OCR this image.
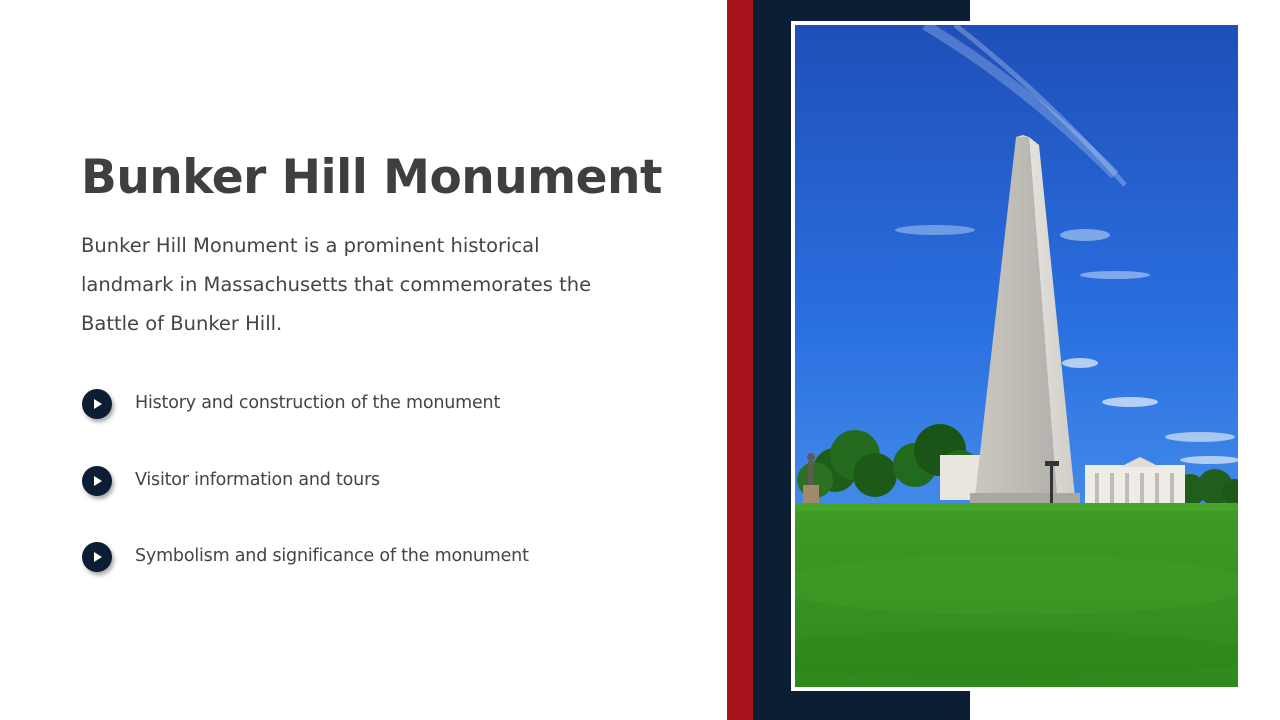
Bunker Hill Monument

Bunker Hill Monument is a prominent historical landmark in Massachusetts that commemorates the Battle of Bunker Hill.

History and construction of the monument
Visitor information and tours
Symbolism and significance of the monument
